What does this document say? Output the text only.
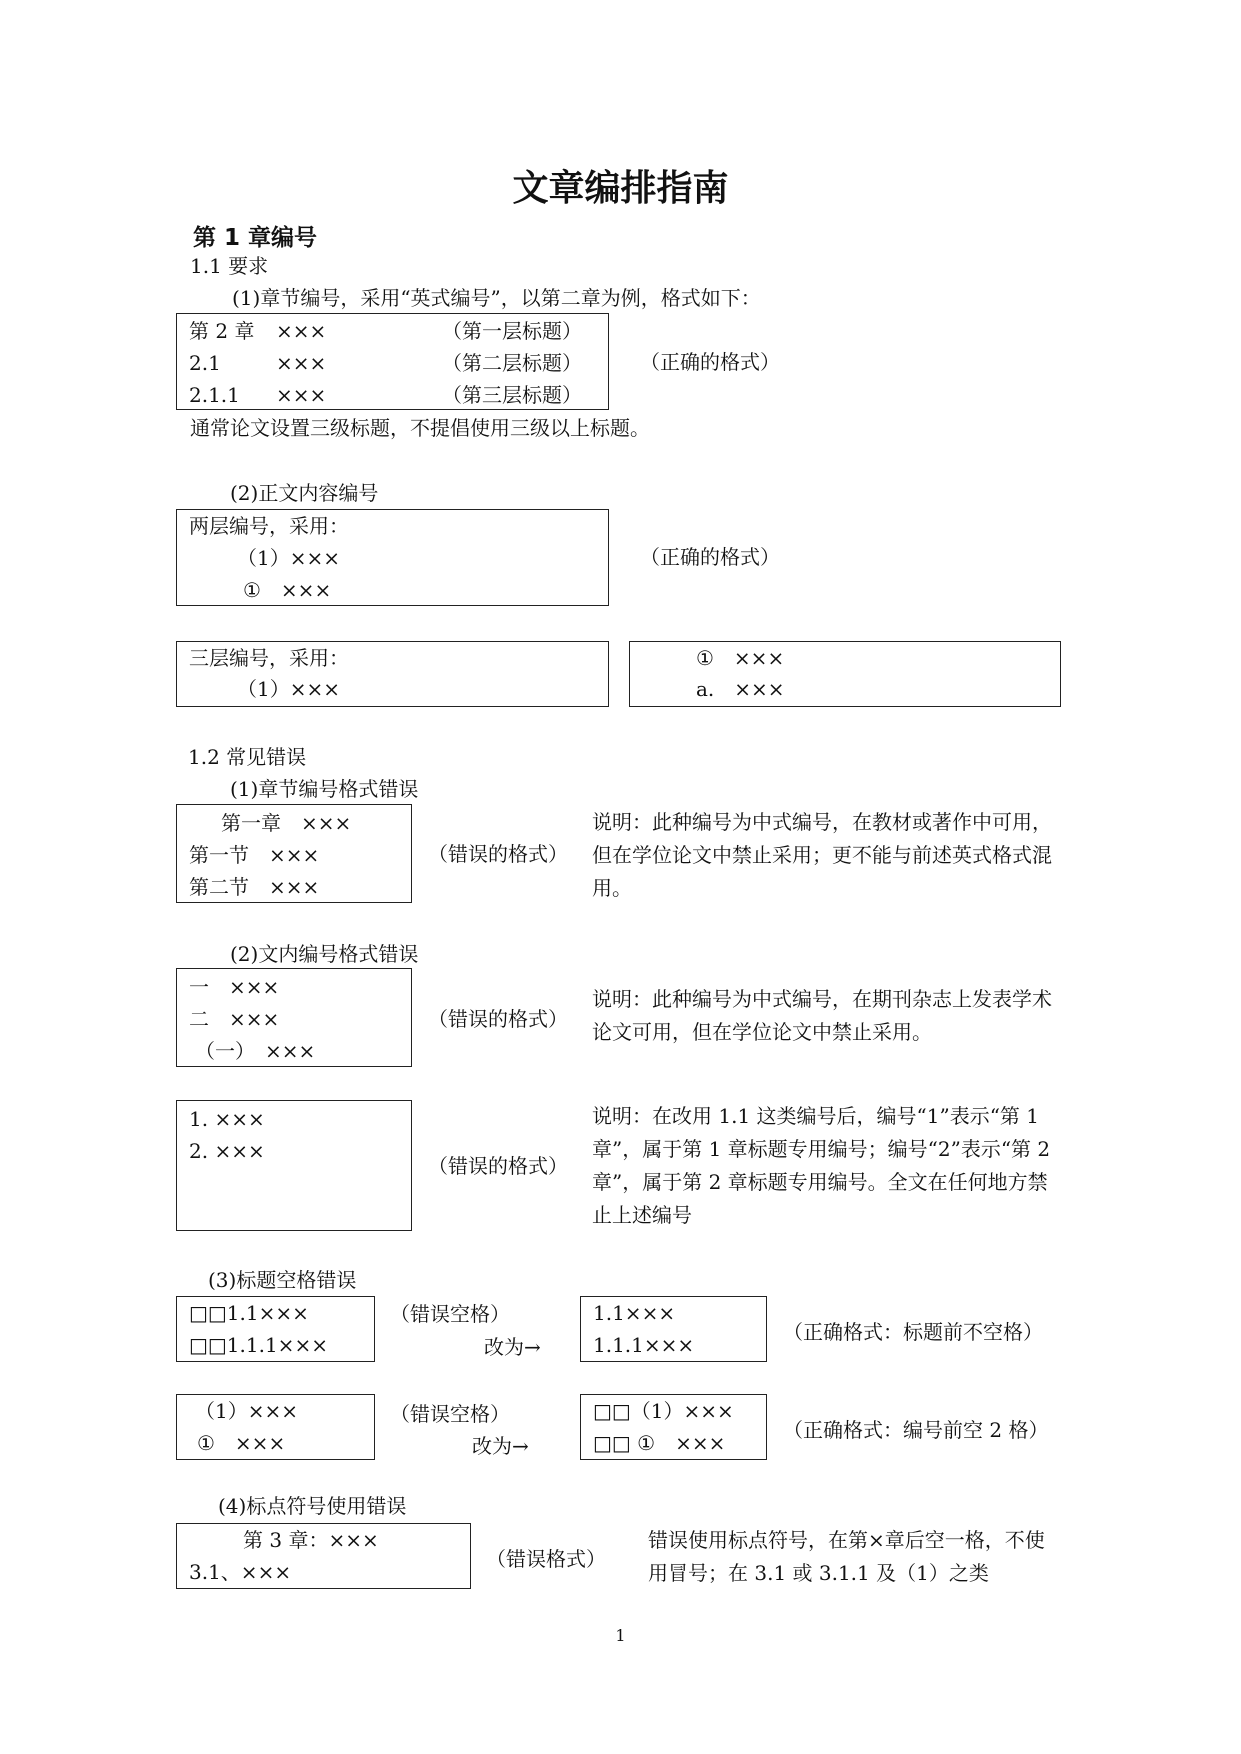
文章编排指南
第 1 章编号
1.1 要求
(1)章节编号，采用“英式编号”，以第二章为例，格式如下：
第 2 章 ×××	（第一层标题）
2.1	×××	（第二层标题）
2.1.1 ×××	（第三层标题）
（正确的格式）
通常论文设置三级标题，不提倡使用三级以上标题。
(2)正文内容编号
两层编号，采用：
（1）×××
①　×××
（正确的格式）
三层编号，采用：
（1）×××
①　×××
a.　×××
1.2 常见错误
(1)章节编号格式错误
第一章　×××
第一节　×××
第二节　×××
（错误的格式）
说明：此种编号为中式编号，在教材或著作中可用，但在学位论文中禁止采用；更不能与前述英式格式混用。
(2)文内编号格式错误
一　×××
二　×××
（一）　×××
（错误的格式）
说明：此种编号为中式编号，在期刊杂志上发表学术论文可用，但在学位论文中禁止采用。
1. ×××
2. ×××
（错误的格式）
说明：在改用 1.1 这类编号后，编号“1”表示“第 1 章”，属于第 1 章标题专用编号；编号“2”表示“第 2 章”，属于第 2 章标题专用编号。全文在任何地方禁止上述编号
(3)标题空格错误
□□1.1×××
□□1.1.1×××
（错误空格）
改为→
1.1×××
1.1.1×××
（正确格式：标题前不空格）
（1）×××
①　×××
（错误空格）
改为→
□□（1）×××
□□ ①　×××
（正确格式：编号前空 2 格）
(4)标点符号使用错误
第 3 章：×××
3.1、×××
（错误格式）
错误使用标点符号，在第×章后空一格，不使用冒号；在 3.1 或 3.1.1 及（1）之类
1
